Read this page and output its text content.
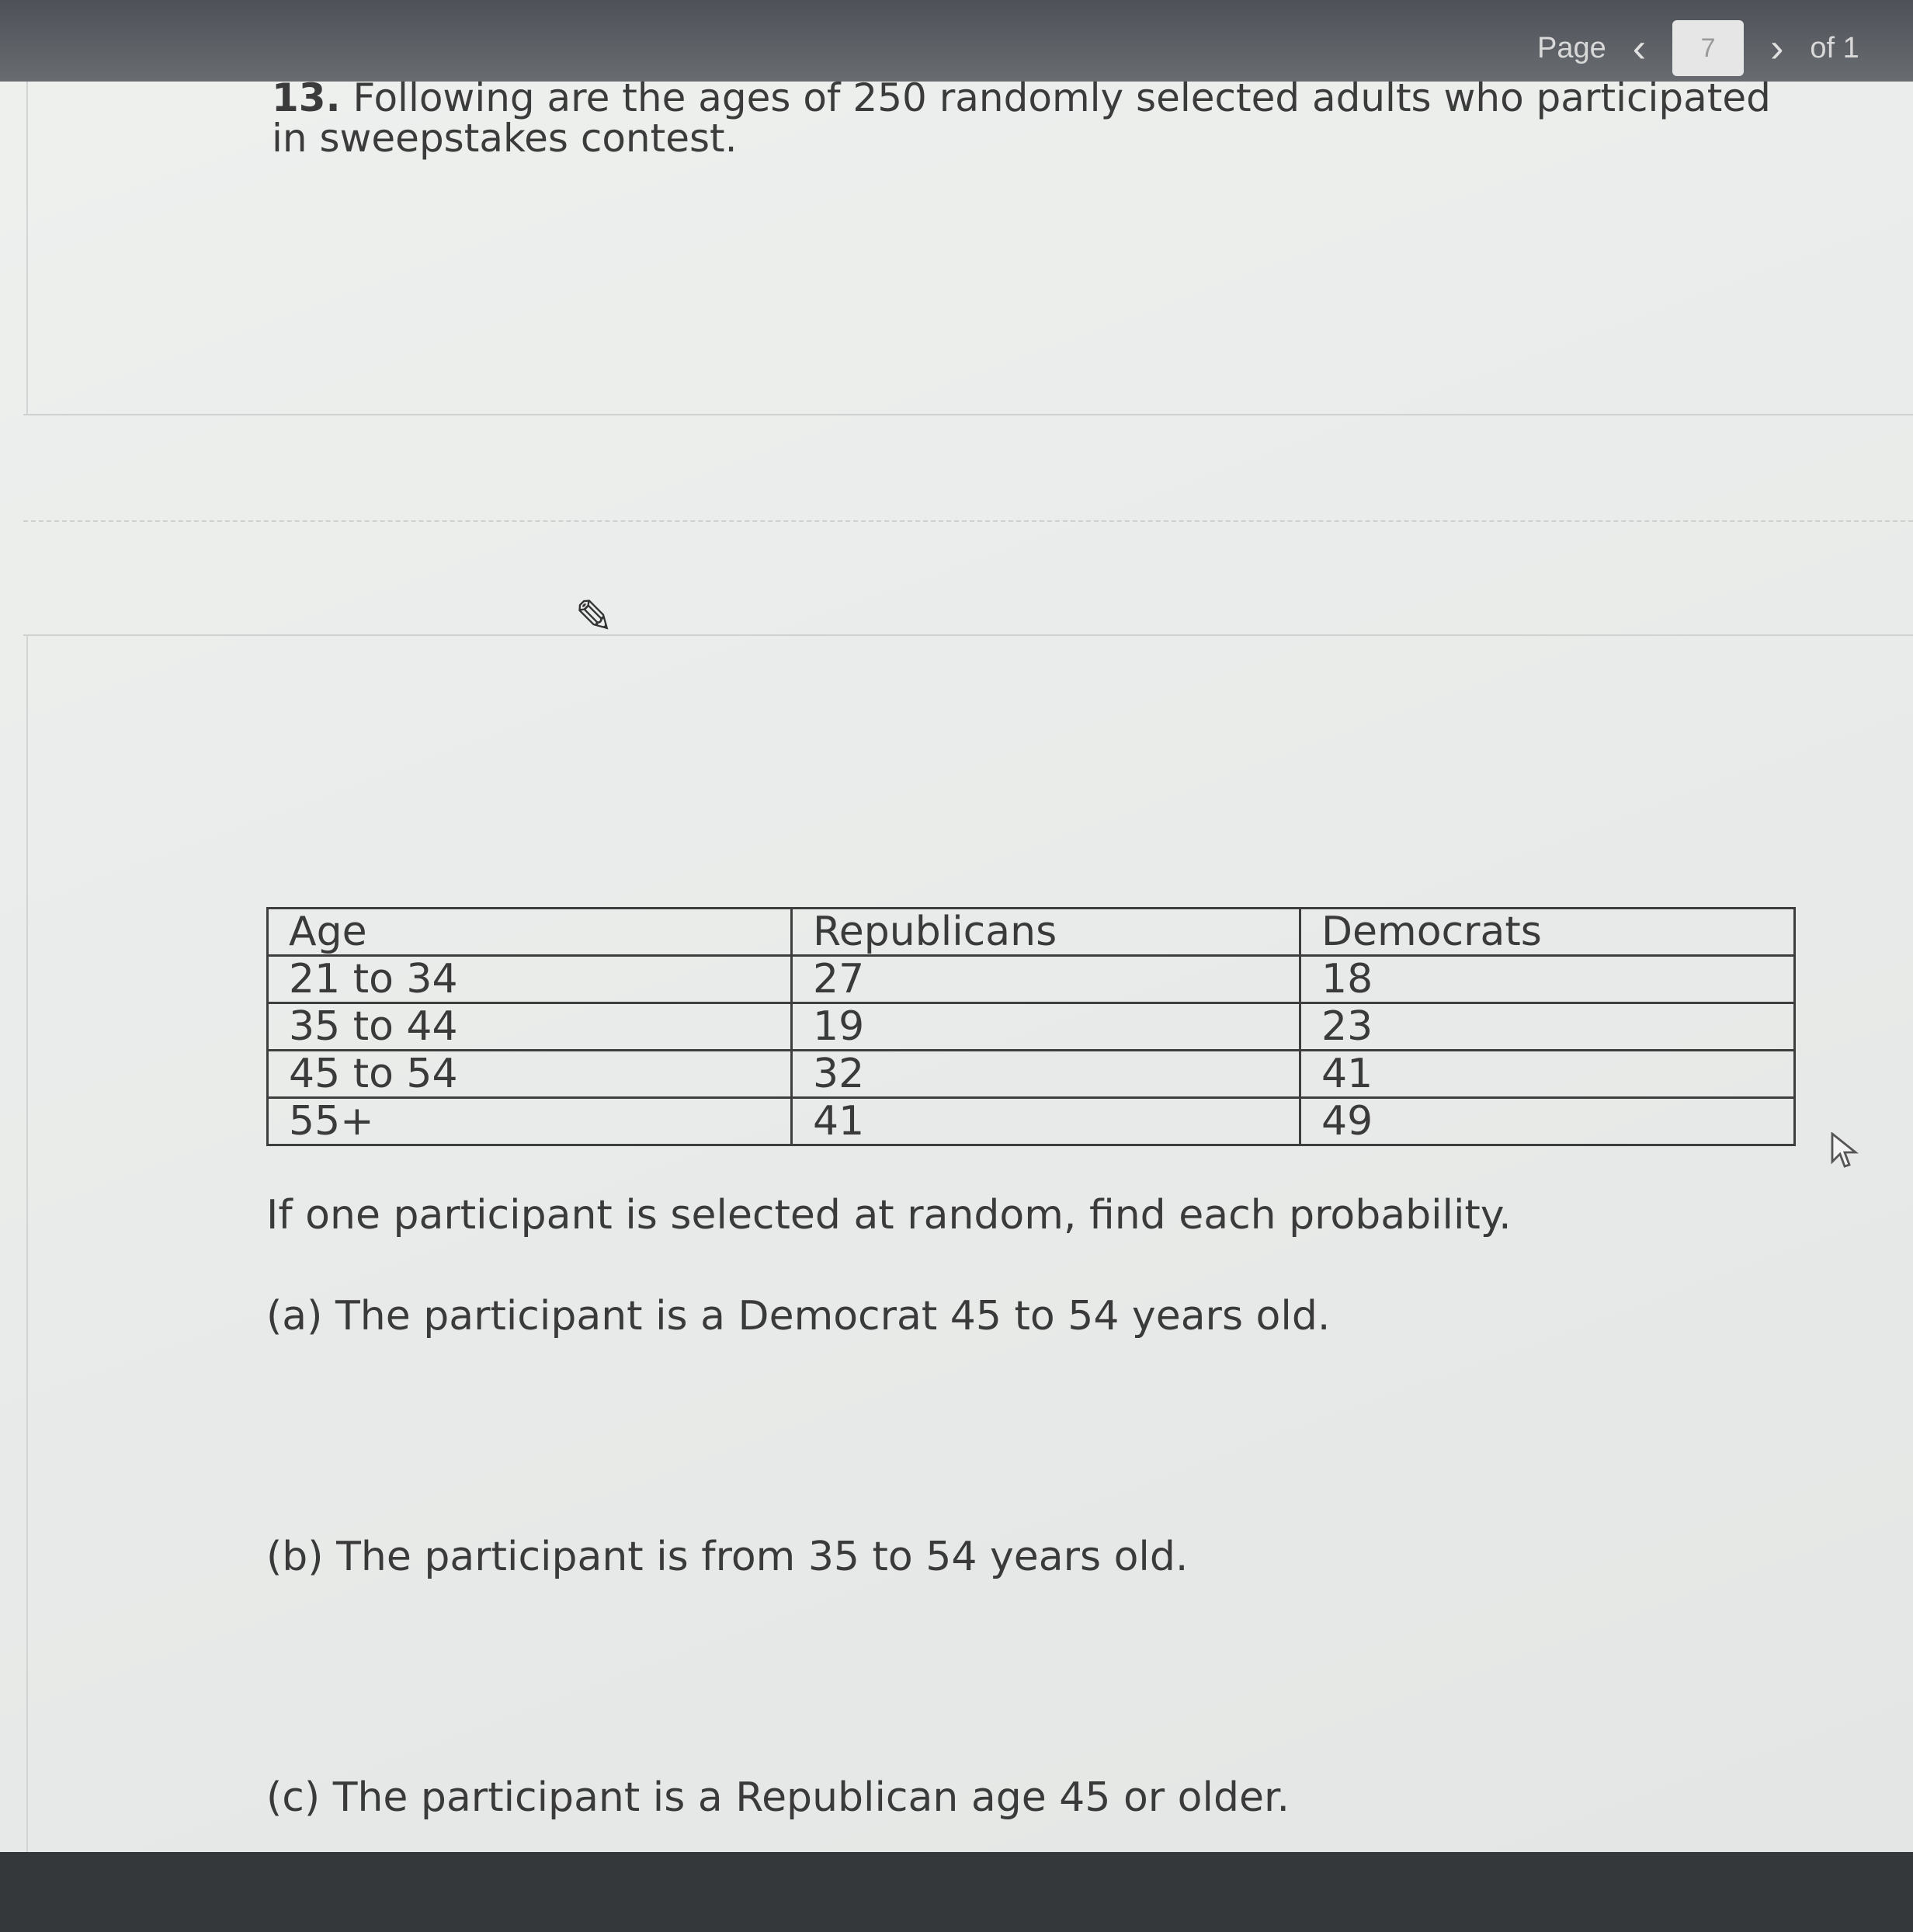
Page ‹	7	› of 1
13. Following are the ages of 250 randomly selected adults who participated in sweepstakes contest.
✎
Age	Republicans	Democrats
21 to 34	27	18
35 to 44	19	23
45 to 54	32	41
55+	41	49
If one participant is selected at random, find each probability.
(a) The participant is a Democrat 45 to 54 years old.
(b) The participant is from 35 to 54 years old.
(c) The participant is a Republican age 45 or older.
